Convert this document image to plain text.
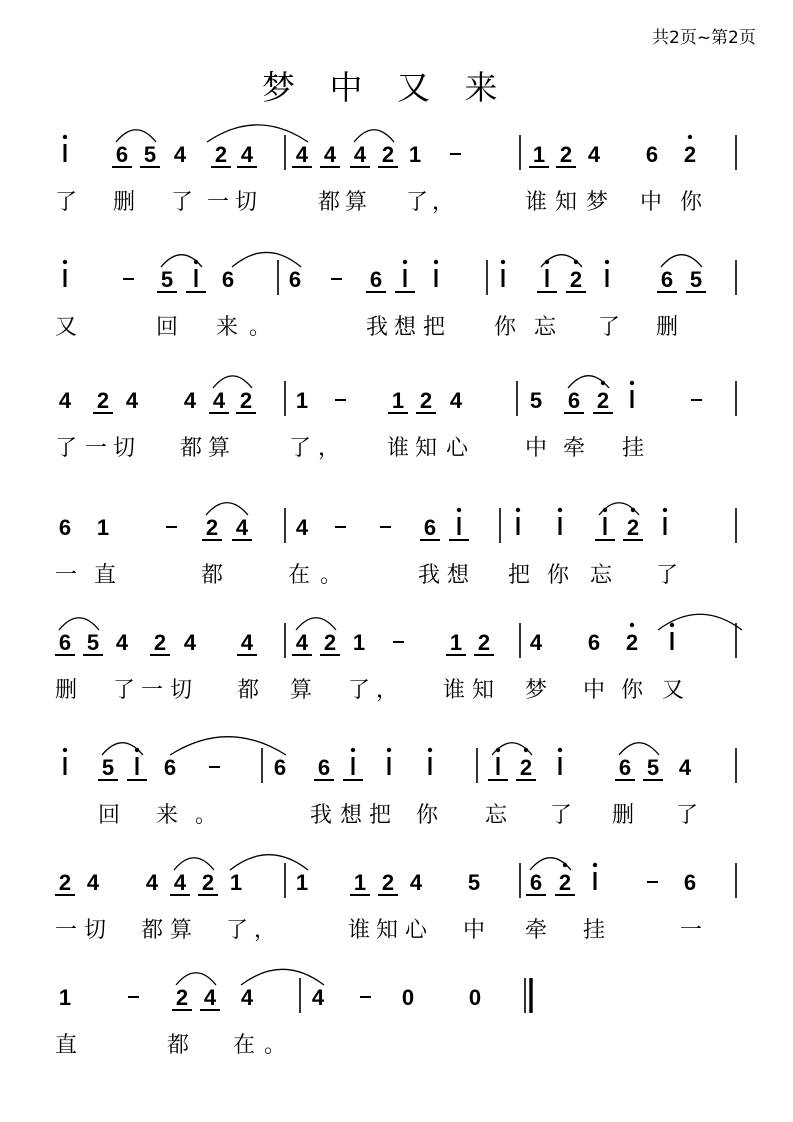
共2页~第2页
梦 中 又 来
6 5 4 2 4 4 4 4 2 1	1 2 4 6 2
了 删 了 一 切	都 算 了 ，	谁 知 梦 中 你
5 6 6	6	2	6 5
又	回 来 。	我 想 把 你 忘 了 删
4 2 4 4 4 2 1	1 2 4	5 6 2
了 一 切 都 算	了 ， 谁 知 心	中 牵 挂
6 1	2 4 4	6	2
一 直	都	在 。	我 想 把 你 忘 了
6 5 4 2 4 4 4 2 1	1 2 4 6 2
删 了 一 切 都 算 了 ， 谁 知 梦 中 你 又
5 6	6 6	2	6 5 4
回 来 。	我 想 把 你 忘 了 删 了
2 4 4 4 2 1 1 1 2 4 5 6 2	6
一 切 都 算 了 ，	谁 知 心 中 牵 挂	一
1	2 4 4	4	0 0
直	都 在 。
